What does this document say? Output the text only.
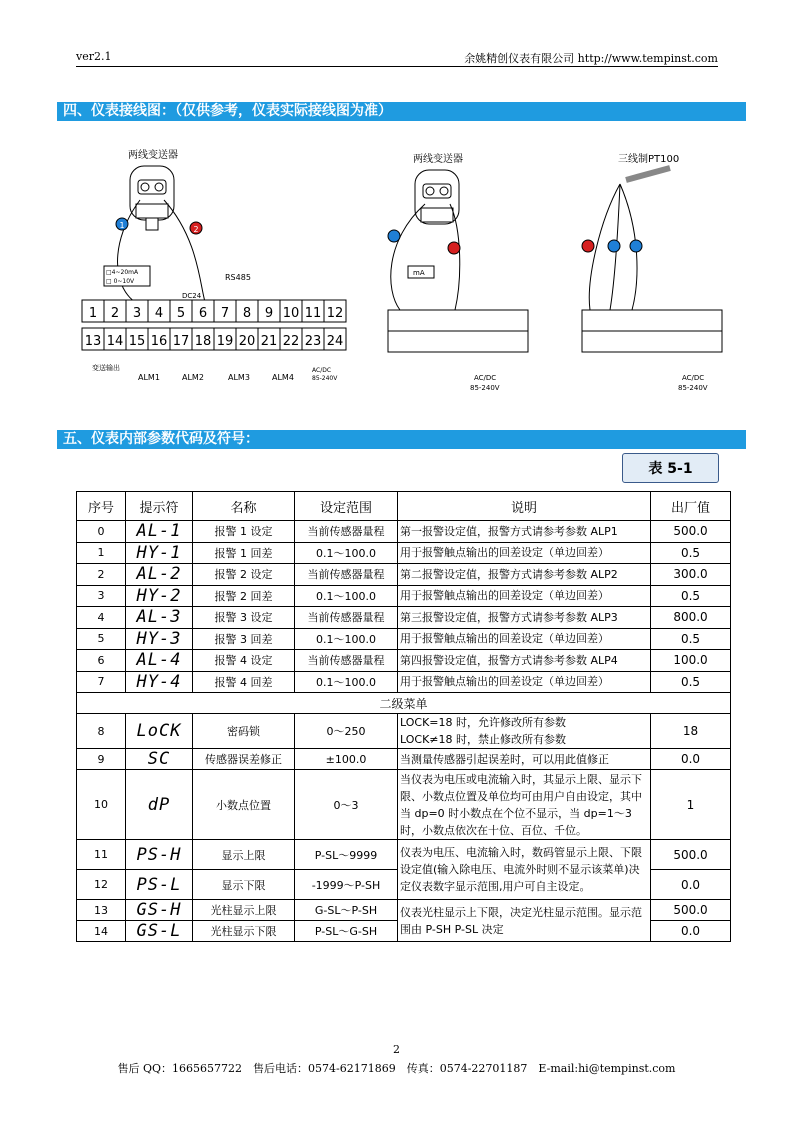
ver2.1	余姚精创仪表有限公司 http://www.tempinst.com
四、仪表接线图：（仅供参考，仪表实际接线图为准）
两线变送器
1	2
□4~20mA
□ 0~10V	RS485
DC24
1 2 3 4 5 6 7 8 9 10 11 12
13 14 15 16 17 18 19 20 21 22 23 24
变送输出
ALM1	ALM2	ALM3	ALM4
AC/DC
85-240V
两线变送器
mA
AC/DC
85-240V
三线制PT100
AC/DC
85-240V
五、仪表内部参数代码及符号：
表 5-1
序号	提示符	名称	设定范围	说明	出厂值
0	AL-1	报警 1 设定	当前传感器量程	第一报警设定值，报警方式请参考参数 ALP1	500.0
1	HY-1	报警 1 回差	0.1～100.0	用于报警触点输出的回差设定（单边回差）	0.5
2	AL-2	报警 2 设定	当前传感器量程	第二报警设定值，报警方式请参考参数 ALP2	300.0
3	HY-2	报警 2 回差	0.1～100.0	用于报警触点输出的回差设定（单边回差）	0.5
4	AL-3	报警 3 设定	当前传感器量程	第三报警设定值，报警方式请参考参数 ALP3	800.0
5	HY-3	报警 3 回差	0.1～100.0	用于报警触点输出的回差设定（单边回差）	0.5
6	AL-4	报警 4 设定	当前传感器量程	第四报警设定值，报警方式请参考参数 ALP4	100.0
7	HY-4	报警 4 回差	0.1～100.0	用于报警触点输出的回差设定（单边回差）	0.5
二级菜单					
8	LoCK	密码锁	0～250	LOCK=18 时，允许修改所有参数
LOCK≠18 时，禁止修改所有参数	18
9	SC	传感器误差修正	±100.0	当测量传感器引起误差时，可以用此值修正	0.0
10	dP	小数点位置	0～3	当仪表为电压或电流输入时，其显示上限、显示下限、小数点位置及单位均可由用户自由设定，其中当 dp=0 时小数点在个位不显示，当 dp=1～3 时，小数点依次在十位、百位、千位。	1
11	PS-H	显示上限	P-SL～9999	仪表为电压、电流输入时，数码管显示上限、下限设定值(输入除电压、电流外时则不显示该菜单)决定仪表数字显示范围,用户可自主设定。	500.0
12	PS-L	显示下限	-1999～P-SH		0.0
13	GS-H	光柱显示上限	G-SL～P-SH	仪表光柱显示上下限，决定光柱显示范围。显示范围由 P-SH P-SL 决定	500.0
14	GS-L	光柱显示下限	P-SL～G-SH		0.0
2
售后 QQ：1665657722　售后电话：0574-62171869　传真：0574-22701187　E-mail:hi@tempinst.com
